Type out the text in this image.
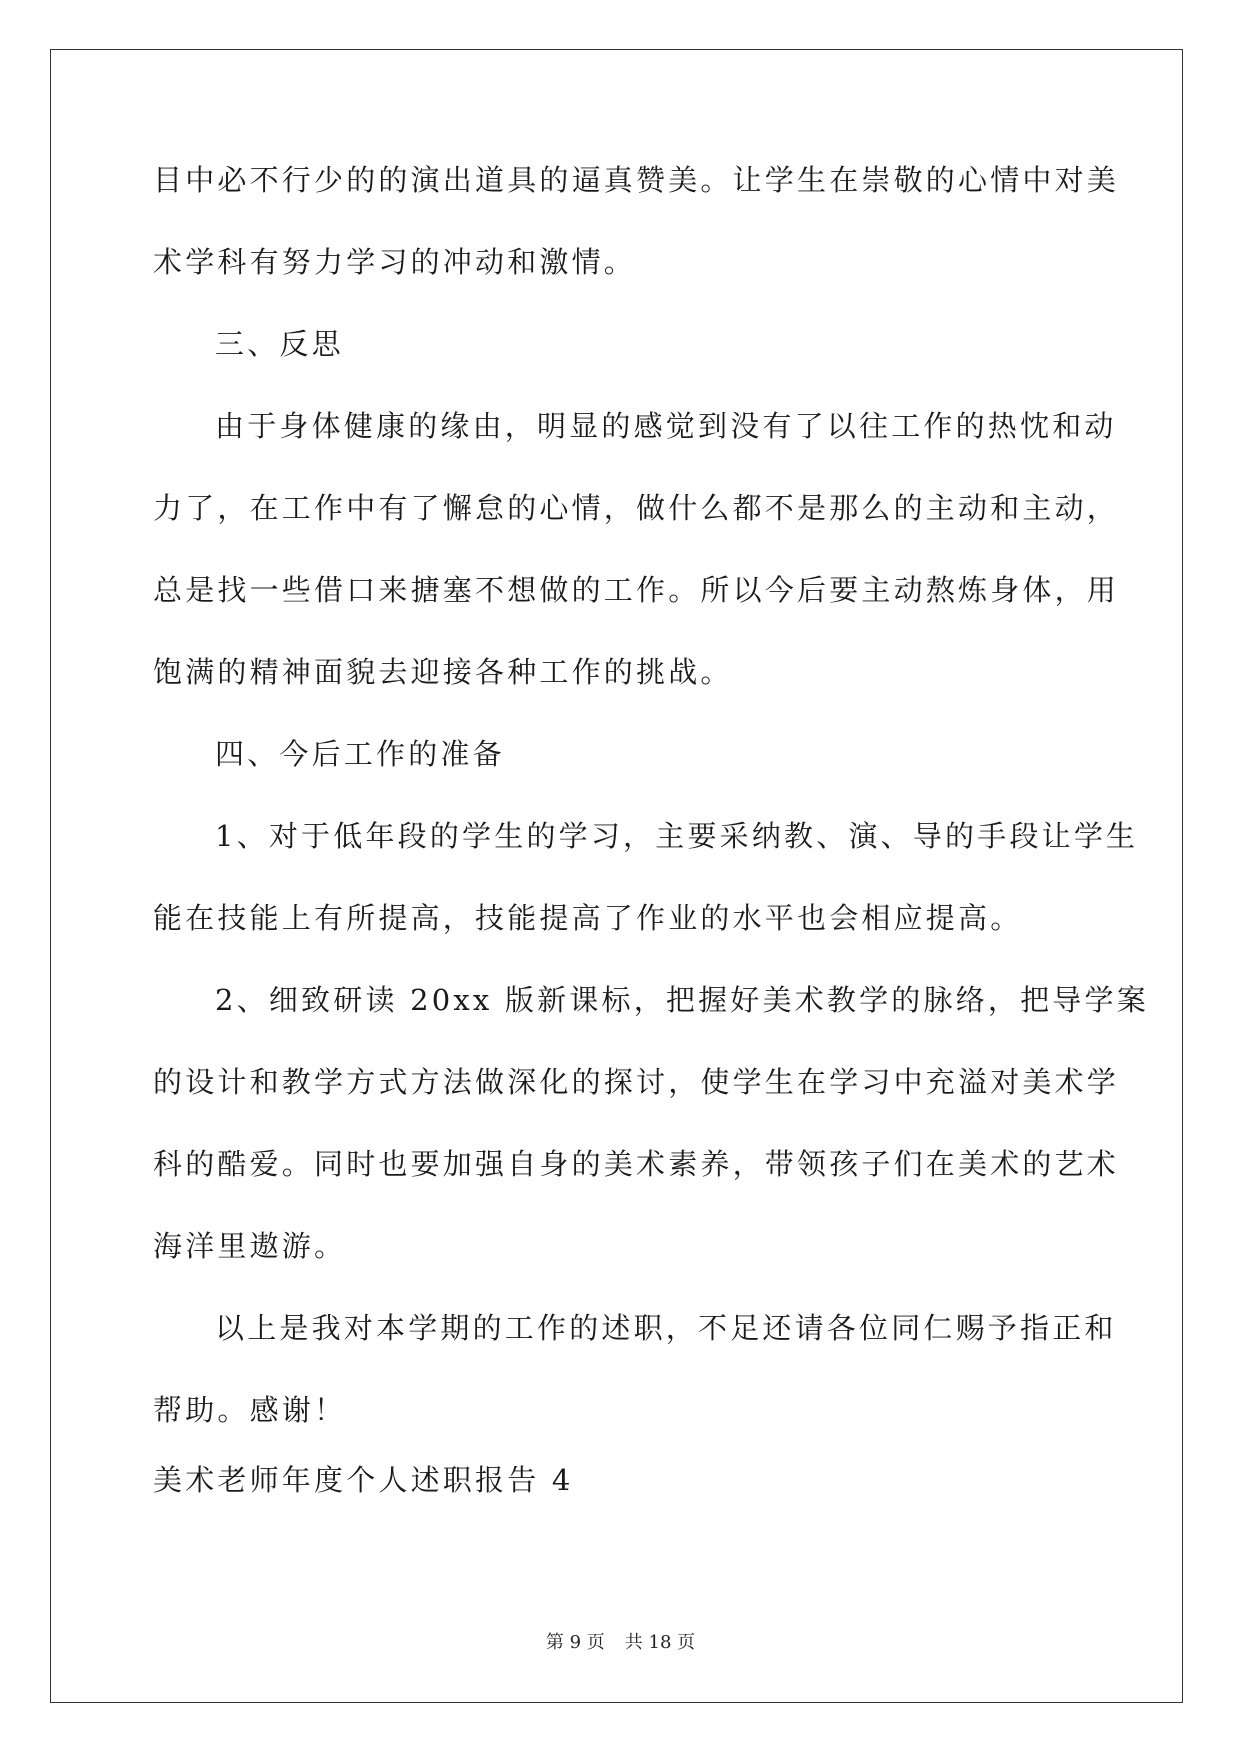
目中必不行少的的演出道具的逼真赞美。让学生在崇敬的心情中对美
术学科有努力学习的冲动和激情。
三、反思
由于身体健康的缘由，明显的感觉到没有了以往工作的热忱和动
力了，在工作中有了懈怠的心情，做什么都不是那么的主动和主动，
总是找一些借口来搪塞不想做的工作。所以今后要主动熬炼身体，用
饱满的精神面貌去迎接各种工作的挑战。
四、今后工作的准备
1、对于低年段的学生的学习，主要采纳教、演、导的手段让学生
能在技能上有所提高，技能提高了作业的水平也会相应提高。
2、细致研读 20xx 版新课标，把握好美术教学的脉络，把导学案
的设计和教学方式方法做深化的探讨，使学生在学习中充溢对美术学
科的酷爱。同时也要加强自身的美术素养，带领孩子们在美术的艺术
海洋里遨游。
以上是我对本学期的工作的述职，不足还请各位同仁赐予指正和
帮助。感谢！
美术老师年度个人述职报告 4
第 9 页 共 18 页
